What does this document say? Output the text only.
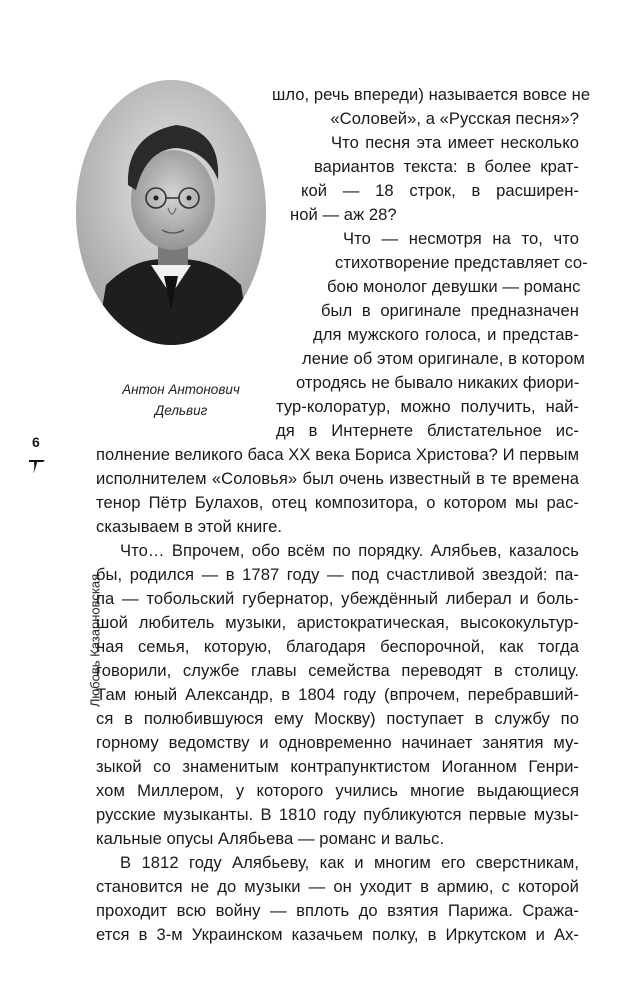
Антон Антонович
Дельвиг
6
Любовь Казарновская
шло, речь впереди) называется вовсе не
«Соловей», а «Русская песня»?
Что песня эта имеет несколько
вариантов текста: в более крат-
кой — 18 строк, в расширен-
ной — аж 28?
Что — несмотря на то, что
стихотворение представляет со-
бою монолог девушки — романс
был в оригинале предназначен
для мужского голоса, и представ-
ление об этом оригинале, в котором
отродясь не бывало никаких фиори-
тур-колоратур, можно получить, най-
дя в Интернете блистательное ис-
полнение великого баса XX века Бориса Христова? И первым
исполнителем «Соловья» был очень известный в те времена
тенор Пётр Булахов, отец композитора, о котором мы рас-
сказываем в этой книге.
Что… Впрочем, обо всём по порядку. Алябьев, казалось
бы, родился — в 1787 году — под счастливой звездой: па-
па — тобольский губернатор, убеждённый либерал и боль-
шой любитель музыки, аристократическая, высококультур-
ная семья, которую, благодаря беспорочной, как тогда
говорили, службе главы семейства переводят в столицу.
Там юный Александр, в 1804 году (впрочем, перебравший-
ся в полюбившуюся ему Москву) поступает в службу по
горному ведомству и одновременно начинает занятия му-
зыкой со знаменитым контрапунктистом Иоганном Генри-
хом Миллером, у которого учились многие выдающиеся
русские музыканты. В 1810 году публикуются первые музы-
кальные опусы Алябьева — романс и вальс.
В 1812 году Алябьеву, как и многим его сверстникам,
становится не до музыки — он уходит в армию, с которой
проходит всю войну — вплоть до взятия Парижа. Сража-
ется в 3-м Украинском казачьем полку, в Иркутском и Ах-
